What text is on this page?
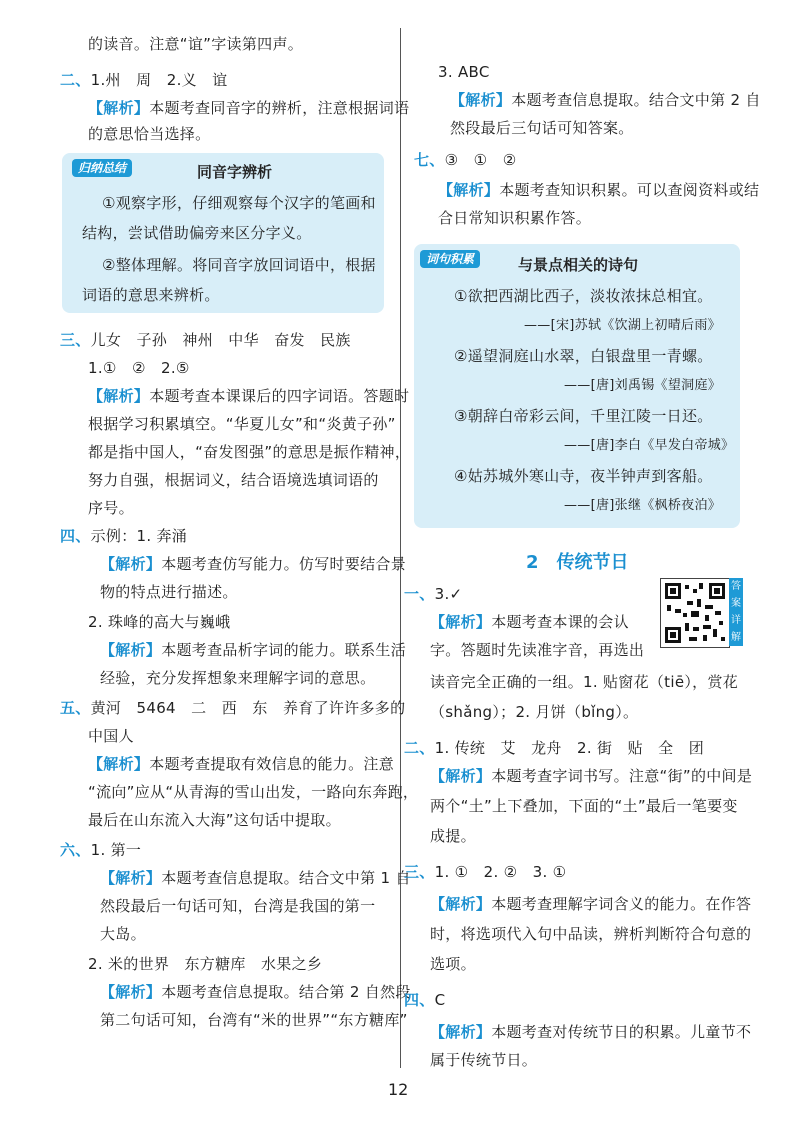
的读音。注意“谊”字读第四声。
二、1.州　周　2.义　谊
【解析】本题考查同音字的辨析，注意根据词语
的意思恰当选择。
归纳总结	同音字辨析
①观察字形，仔细观察每个汉字的笔画和
结构，尝试借助偏旁来区分字义。
②整体理解。将同音字放回词语中，根据
词语的意思来辨析。
三、儿女　子孙　神州　中华　奋发　民族
1.①　②　2.⑤
【解析】本题考查本课课后的四字词语。答题时
根据学习积累填空。“华夏儿女”和“炎黄子孙”
都是指中国人，“奋发图强”的意思是振作精神，
努力自强，根据词义，结合语境选填词语的
序号。
四、示例：1. 奔涌
【解析】本题考查仿写能力。仿写时要结合景
物的特点进行描述。
2. 珠峰的高大与巍峨
【解析】本题考查品析字词的能力。联系生活
经验，充分发挥想象来理解字词的意思。
五、黄河　5464　二　西　东　养育了许许多多的
中国人
【解析】本题考查提取有效信息的能力。注意
“流向”应从“从青海的雪山出发，一路向东奔跑，
最后在山东流入大海”这句话中提取。
六、1. 第一
【解析】本题考查信息提取。结合文中第 1 自
然段最后一句话可知，台湾是我国的第一
大岛。
2. 米的世界　东方糖库　水果之乡
【解析】本题考查信息提取。结合第 2 自然段
第二句话可知，台湾有“米的世界”“东方糖库”
3. ABC
【解析】本题考查信息提取。结合文中第 2 自
然段最后三句话可知答案。
七、③　①　②
【解析】本题考查知识积累。可以查阅资料或结
合日常知识积累作答。
词句积累	与景点相关的诗句
①欲把西湖比西子，淡妆浓抹总相宜。
——[宋]苏轼《饮湖上初晴后雨》
②遥望洞庭山水翠，白银盘里一青螺。
——[唐]刘禹锡《望洞庭》
③朝辞白帝彩云间，千里江陵一日还。
——[唐]李白《早发白帝城》
④姑苏城外寒山寺，夜半钟声到客船。
——[唐]张继《枫桥夜泊》
2　传统节日
一、3.✓
【解析】本题考查本课的会认
字。答题时先读准字音，再选出
读音完全正确的一组。1. 贴窗花（tiē），赏花
（shǎng）；2. 月饼（bǐng）。
二、1. 传统　艾　龙舟　2. 街　贴　全　团
【解析】本题考查字词书写。注意“街”的中间是
两个“土”上下叠加，下面的“土”最后一笔要变
成提。
三、1. ①　2. ②　3. ①
【解析】本题考查理解字词含义的能力。在作答
时，将选项代入句中品读，辨析判断符合句意的
选项。
四、C
【解析】本题考查对传统节日的积累。儿童节不
属于传统节日。
答
案
详
解
12
